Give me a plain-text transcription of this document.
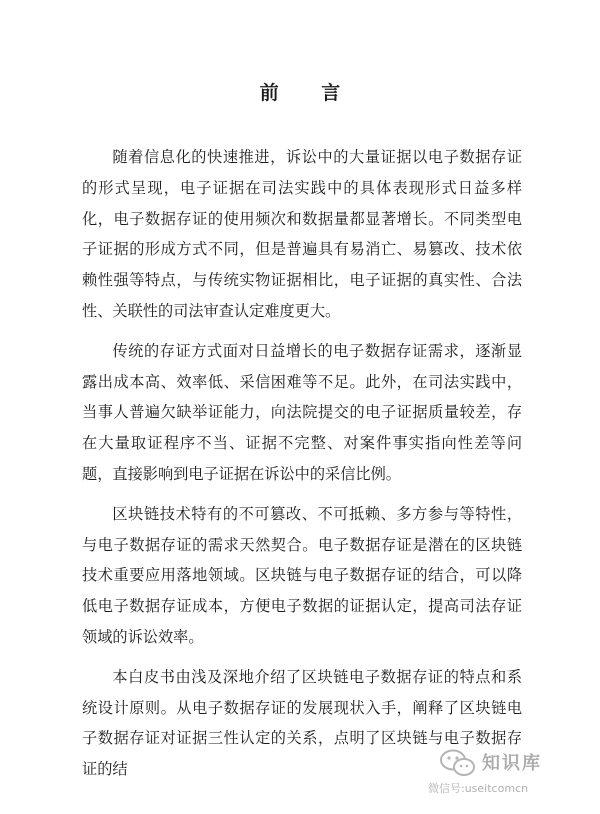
前 言

随着信息化的快速推进，诉讼中的大量证据以电子数据存证的形式呈现，电子证据在司法实践中的具体表现形式日益多样化，电子数据存证的使用频次和数据量都显著增长。不同类型电子证据的形成方式不同，但是普遍具有易消亡、易篡改、技术依赖性强等特点，与传统实物证据相比，电子证据的真实性、合法性、关联性的司法审查认定难度更大。

传统的存证方式面对日益增长的电子数据存证需求，逐渐显露出成本高、效率低、采信困难等不足。此外，在司法实践中，当事人普遍欠缺举证能力，向法院提交的电子证据质量较差，存在大量取证程序不当、证据不完整、对案件事实指向性差等问题，直接影响到电子证据在诉讼中的采信比例。

区块链技术特有的不可篡改、不可抵赖、多方参与等特性，与电子数据存证的需求天然契合。电子数据存证是潜在的区块链技术重要应用落地领域。区块链与电子数据存证的结合，可以降低电子数据存证成本，方便电子数据的证据认定，提高司法存证领域的诉讼效率。

本白皮书由浅及深地介绍了区块链电子数据存证的特点和系统设计原则。从电子数据存证的发展现状入手，阐释了区块链电子数据存证对证据三性认定的关系，点明了区块链与电子数据存证的结	知识库
微信号:useitcomcn
